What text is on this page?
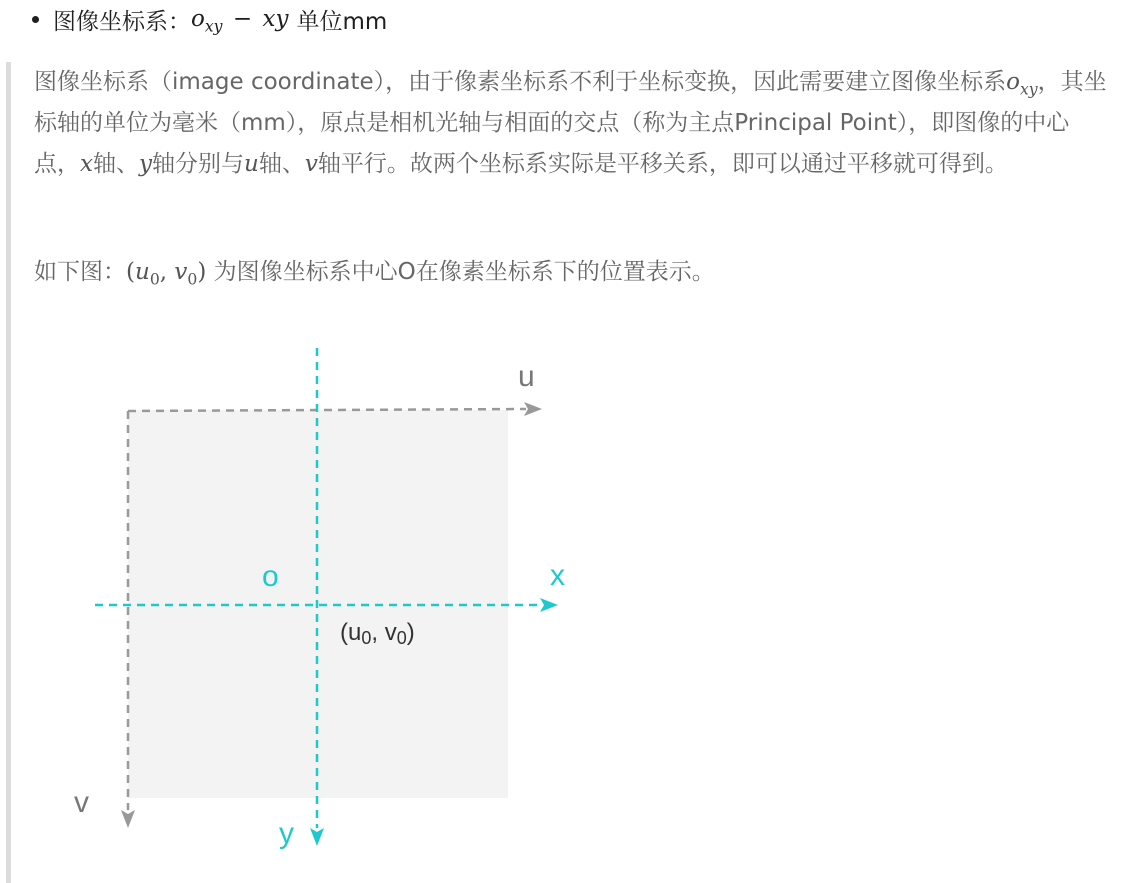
图像坐标系： $o_{xy}$ − xy 单位mm
图像坐标系（image coordinate），由于像素坐标系不利于坐标变换，因此需要建立图像坐标系$o_{xy}$，其坐标轴的单位为毫米（mm），原点是相机光轴与相面的交点（称为主点Principal Point），即图像的中心点，x轴、y轴分别与u轴、v轴平行。故两个坐标系实际是平移关系，即可以通过平移就可得到。
如下图：($u_0$, $v_0$) 为图像坐标系中心O在像素坐标系下的位置表示。
u
v
o	x
y
(u0, v0)
